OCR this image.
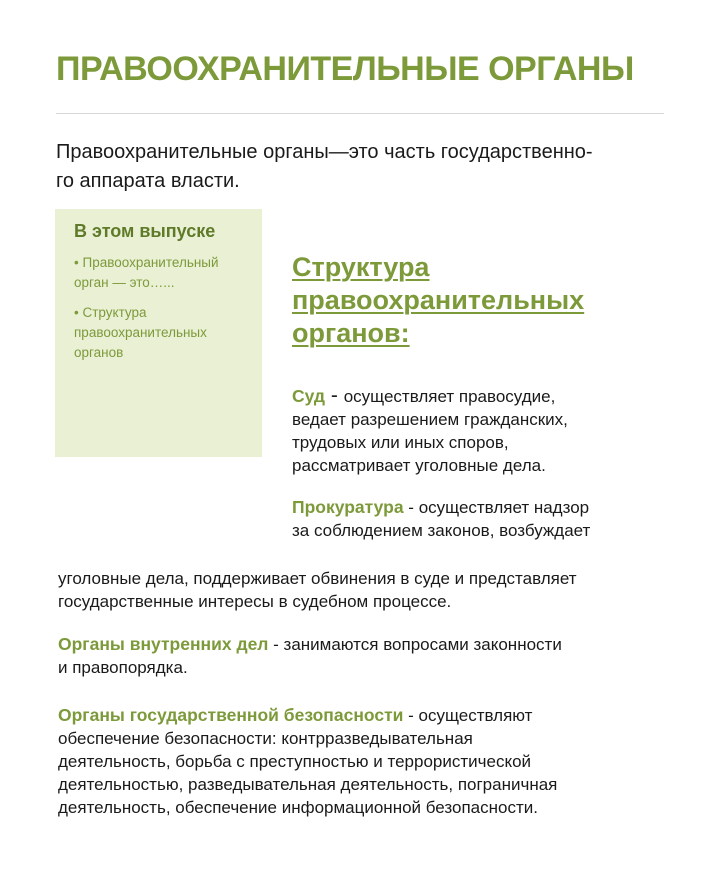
ПРАВООХРАНИТЕЛЬНЫЕ ОРГАНЫ

Правоохранительные органы—это часть государственно-
го аппарата власти.

В этом выпуске
• Правоохранительный
орган — это…...
• Структура
правоохранительных
органов
Структура
правоохранительных
органов:

Суд - осуществляет правосудие,
ведает разрешением гражданских,
трудовых или иных споров,
рассматривает уголовные дела.

Прокуратура - осуществляет надзор
за соблюдением законов, возбуждает

уголовные дела, поддерживает обвинения в суде и представляет
государственные интересы в судебном процессе.

Органы внутренних дел - занимаются вопросами законности
и правопорядка.

Органы государственной безопасности - осуществляют
обеспечение безопасности: контрразведывательная
деятельность, борьба с преступностью и террористической
деятельностью, разведывательная деятельность, пограничная
деятельность, обеспечение информационной безопасности.
